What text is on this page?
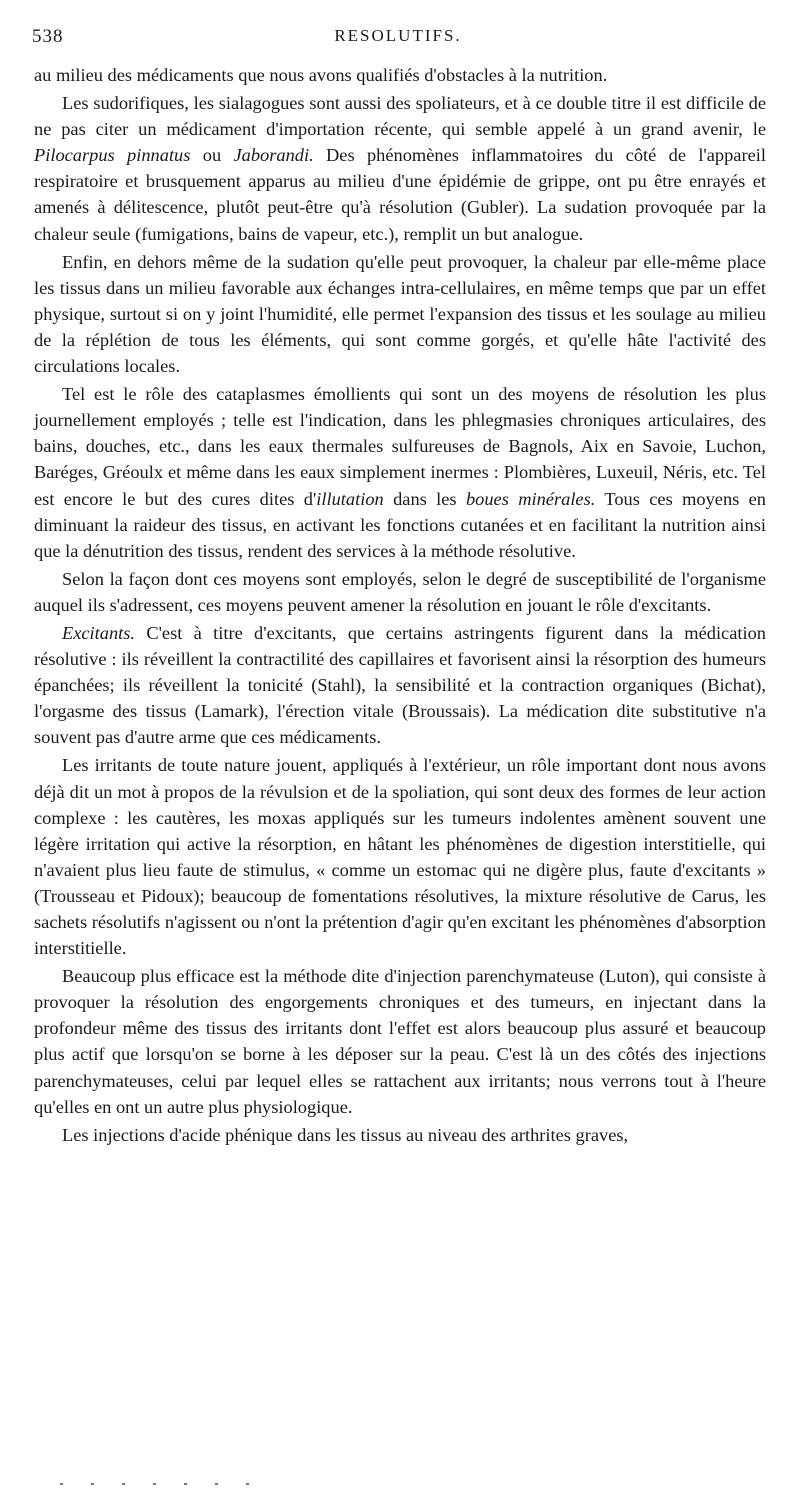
538	RESOLUTIFS.

au milieu des médicaments que nous avons qualifiés d'obstacles à la nutrition.

Les sudorifiques, les sialagogues sont aussi des spoliateurs, et à ce double titre il est difficile de ne pas citer un médicament d'importation récente, qui semble appelé à un grand avenir, le Pilocarpus pinnatus ou Jaborandi. Des phénomènes inflammatoires du côté de l'appareil respiratoire et brusquement apparus au milieu d'une épidémie de grippe, ont pu être enrayés et amenés à délitescence, plutôt peut-être qu'à résolution (Gubler). La sudation provoquée par la chaleur seule (fumigations, bains de vapeur, etc.), remplit un but analogue.

Enfin, en dehors même de la sudation qu'elle peut provoquer, la chaleur par elle-même place les tissus dans un milieu favorable aux échanges intra-cellulaires, en même temps que par un effet physique, surtout si on y joint l'humidité, elle permet l'expansion des tissus et les soulage au milieu de la réplétion de tous les éléments, qui sont comme gorgés, et qu'elle hâte l'activité des circulations locales.

Tel est le rôle des cataplasmes émollients qui sont un des moyens de résolution les plus journellement employés ; telle est l'indication, dans les phlegmasies chroniques articulaires, des bains, douches, etc., dans les eaux thermales sulfureuses de Bagnols, Aix en Savoie, Luchon, Baréges, Gréoulx et même dans les eaux simplement inermes : Plombières, Luxeuil, Néris, etc. Tel est encore le but des cures dites d'illutation dans les boues minérales. Tous ces moyens en diminuant la raideur des tissus, en activant les fonctions cutanées et en facilitant la nutrition ainsi que la dénutrition des tissus, rendent des services à la méthode résolutive.

Selon la façon dont ces moyens sont employés, selon le degré de susceptibilité de l'organisme auquel ils s'adressent, ces moyens peuvent amener la résolution en jouant le rôle d'excitants.

Excitants. C'est à titre d'excitants, que certains astringents figurent dans la médication résolutive : ils réveillent la contractilité des capillaires et favorisent ainsi la résorption des humeurs épanchées; ils réveillent la tonicité (Stahl), la sensibilité et la contraction organiques (Bichat), l'orgasme des tissus (Lamark), l'érection vitale (Broussais). La médication dite substitutive n'a souvent pas d'autre arme que ces médicaments.

Les irritants de toute nature jouent, appliqués à l'extérieur, un rôle important dont nous avons déjà dit un mot à propos de la révulsion et de la spoliation, qui sont deux des formes de leur action complexe : les cautères, les moxas appliqués sur les tumeurs indolentes amènent souvent une légère irritation qui active la résorption, en hâtant les phénomènes de digestion interstitielle, qui n'avaient plus lieu faute de stimulus, « comme un estomac qui ne digère plus, faute d'excitants » (Trousseau et Pidoux); beaucoup de fomentations résolutives, la mixture résolutive de Carus, les sachets résolutifs n'agissent ou n'ont la prétention d'agir qu'en excitant les phénomènes d'absorption interstitielle.

Beaucoup plus efficace est la méthode dite d'injection parenchymateuse (Luton), qui consiste à provoquer la résolution des engorgements chroniques et des tumeurs, en injectant dans la profondeur même des tissus des irritants dont l'effet est alors beaucoup plus assuré et beaucoup plus actif que lorsqu'on se borne à les déposer sur la peau. C'est là un des côtés des injections parenchymateuses, celui par lequel elles se rattachent aux irritants; nous verrons tout à l'heure qu'elles en ont un autre plus physiologique.

Les injections d'acide phénique dans les tissus au niveau des arthrites graves,
